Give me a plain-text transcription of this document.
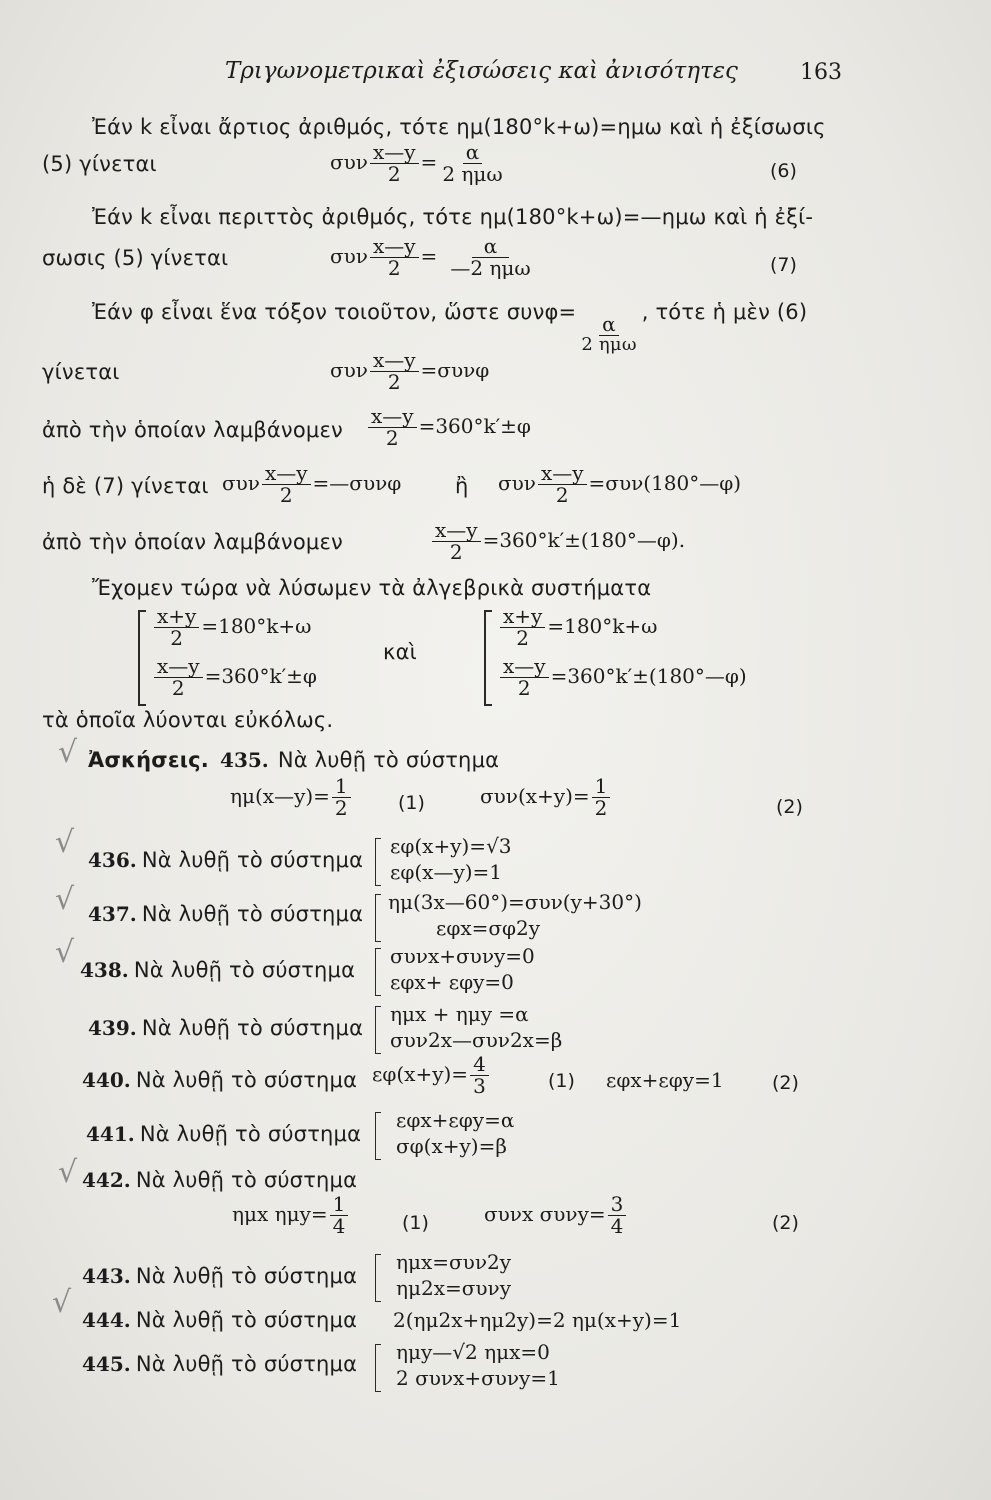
Τριγωνομετρικαὶ ἐξισώσεις καὶ ἀνισότητες	163
Ἐάν k εἶναι ἄρτιος ἀριθμός, τότε ημ(180°k+ω)=ημω καὶ ἡ ἐξίσωσις
(5) γίνεται	συν $\frac{x—y}{2} = \frac{\alpha}{\text{2 ημω}}$	(6)
Ἐάν k εἶναι περιττὸς ἀριθμός, τότε ημ(180°k+ω)=—ημω καὶ ἡ ἐξί-
σωσις (5) γίνεται	συν $\frac{x—y}{2} = \frac{\alpha}{\text{—2 ημω}}$	(7)
Ἐάν φ εἶναι ἕνα τόξον τοιοῦτον, ὥστε συνφ=
$\frac{\alpha}{\text{2 ημω}}$
, τότε ἡ μὲν (6)
γίνεται	συν $\frac{x—y}{2} =\sigma\upsilon\nu\varphi$
ἀπὸ τὴν ὁποίαν λαμβάνομεν $\frac{x—y}{2} =360^\circ k'\pm\varphi$
ἡ δὲ (7) γίνεται συν $\frac{x—y}{2}$ =—συνφ	ἢ συν $\frac{x—y}{2}$ =συν(180°—φ)
ἀπὸ τὴν ὁποίαν λαμβάνομεν	$\frac{x—y}{2}$ =360°k′±(180°—φ).
Ἔχομεν τώρα νὰ λύσωμεν τὰ ἀλγεβρικὰ συστήματα
$\frac{x+y}{2} =180^\circ k+\omega$
$\frac{x—y}{2} =360^\circ k'\pm\varphi$
καὶ
$\frac{x+y}{2} =180^\circ k+\omega$
$\frac{x—y}{2}$ =360°k′±(180°—φ)
τὰ ὁποῖα λύονται εὐκόλως.
√ Ἀσκήσεις. 435. Νὰ λυθῇ τὸ σύστημα
ημ(x—y)= $\frac{1}{2} (1)$	$\sigma\upsilon\nu(x+y)= \frac{1}{2}$	(2)
√ 436. Νὰ λυθῇ τὸ σύστημα
εφ(x+y)=√3
εφ(x—y)=1
√ 437. Νὰ λυθῇ τὸ σύστημα ημ(3x—60°)=συν(y+30°)
εφx=σφ2y
√ 438. Νὰ λυθῇ τὸ σύστημα
συνx+συνy=0
εφx+ εφy=0
439. Νὰ λυθῇ τὸ σύστημα
ημx + ημy =α
συν2x—συν2x=β
440. Νὰ λυθῇ τὸ σύστημα $\varepsilon\varphi(x+y)= \frac{4}{3}$	(1) εφx+εφy=1	(2)
441. Νὰ λυθῇ τὸ σύστημα
εφx+εφy=α
σφ(x+y)=β
√ 442. Νὰ λυθῇ τὸ σύστημα
ημx $\eta\mu y= \frac{1}{4}$	(1)	συνx $\sigma\upsilon\nu y= \frac{3}{4}$	(2)
443. Νὰ λυθῇ τὸ σύστημα
ημx=συν2y
ημ2x=συνy
√ 444. Νὰ λυθῇ τὸ σύστημα 2(ημ2x+ημ2y)=2 ημ(x+y)=1
445. Νὰ λυθῇ τὸ σύστημα ημy—√2 ημx=0
2 συνx+συνy=1
